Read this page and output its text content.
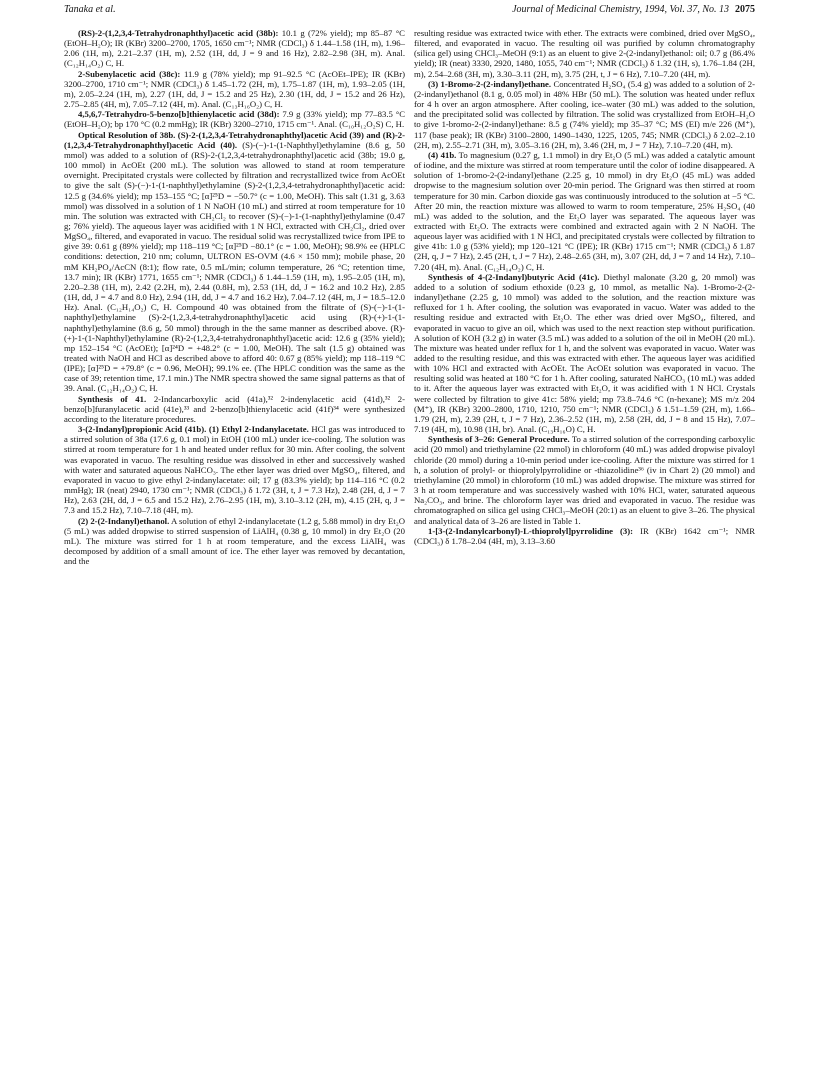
Tanaka et al.	Journal of Medicinal Chemistry, 1994, Vol. 37, No. 13 2075

(RS)-2-(1,2,3,4-Tetrahydronaphthyl)acetic acid (38b): 10.1 g (72% yield); mp 85–87 °C (EtOH–H₂O); IR (KBr) 3200–2700, 1705, 1650 cm⁻¹; NMR (CDCl₃) δ 1.44–1.58 (1H, m), 1.96–2.06 (1H, m), 2.21–2.37 (1H, m), 2.52 (1H, dd, J = 9 and 16 Hz), 2.82–2.98 (3H, m). Anal. (C₁₂H₁₄O₂) C, H.

2-Subenylacetic acid (38c): 11.9 g (78% yield); mp 91–92.5 °C (AcOEt–IPE); IR (KBr) 3200–2700, 1710 cm⁻¹; NMR (CDCl₃) δ 1.45–1.72 (2H, m), 1.75–1.87 (1H, m), 1.93–2.05 (1H, m), 2.05–2.24 (1H, m), 2.27 (1H, dd, J = 15.2 and 25 Hz), 2.30 (1H, dd, J = 15.2 and 26 Hz), 2.75–2.85 (4H, m), 7.05–7.12 (4H, m). Anal. (C₁₃H₁₆O₂) C, H.

4,5,6,7-Tetrahydro-5-benzo[b]thienylacetic acid (38d): 7.9 g (33% yield); mp 77–83.5 °C (EtOH–H₂O); bp 170 °C (0.2 mmHg); IR (KBr) 3200–2710, 1715 cm⁻¹. Anal. (C₁₀H₁₂O₂S) C, H.

Optical Resolution of 38b. (S)-2-(1,2,3,4-Tetrahydronaphthyl)acetic Acid (39) and (R)-2-(1,2,3,4-Tetrahydronaphthyl)acetic Acid (40). (S)-(−)-1-(1-Naphthyl)ethylamine (8.6 g, 50 mmol) was added to a solution of (RS)-2-(1,2,3,4-tetrahydronaphthyl)acetic acid (38b; 19.0 g, 100 mmol) in AcOEt (200 mL). The solution was allowed to stand at room temperature overnight. Precipitated crystals were collected by filtration and recrystallized twice from AcOEt to give the salt (S)-(−)-1-(1-naphthyl)ethylamine (S)-2-(1,2,3,4-tetrahydronaphthyl)acetic acid: 12.5 g (34.6% yield); mp 153–155 °C; [α]²⁵D = −50.7° (c = 1.00, MeOH). This salt (1.31 g, 3.63 mmol) was dissolved in a solution of 1 N NaOH (10 mL) and stirred at room temperature for 10 min. The solution was extracted with CH₂Cl₂ to recover (S)-(−)-1-(1-naphthyl)ethylamine (0.47 g; 76% yield). The aqueous layer was acidified with 1 N HCl, extracted with CH₂Cl₂, dried over MgSO₄, filtered, and evaporated in vacuo. The residual solid was recrystallized twice from IPE to give 39: 0.61 g (89% yield); mp 118–119 °C; [α]²⁵D −80.1° (c = 1.00, MeOH); 98.9% ee (HPLC conditions: detection, 210 nm; column, ULTRON ES-OVM (4.6 × 150 mm); mobile phase, 20 mM KH₂PO₄/AcCN (8:1); flow rate, 0.5 mL/min; column temperature, 26 °C; retention time, 13.7 min); IR (KBr) 1771, 1655 cm⁻¹; NMR (CDCl₃) δ 1.44–1.59 (1H, m), 1.95–2.05 (1H, m), 2.20–2.38 (1H, m), 2.42 (2.2H, m), 2.44 (0.8H, m), 2.53 (1H, dd, J = 16.2 and 10.2 Hz), 2.85 (1H, dd, J = 4.7 and 8.0 Hz), 2.94 (1H, dd, J = 4.7 and 16.2 Hz), 7.04–7.12 (4H, m, J = 18.5–12.0 Hz). Anal. (C₁₂H₁₄O₂) C, H. Compound 40 was obtained from the filtrate of (S)-(−)-1-(1-naphthyl)ethylamine (S)-2-(1,2,3,4-tetrahydronaphthyl)acetic acid using (R)-(+)-1-(1-naphthyl)ethylamine (8.6 g, 50 mmol) through in the the same manner as described above. (R)-(+)-1-(1-Naphthyl)ethylamine (R)-2-(1,2,3,4-tetrahydronaphthyl)acetic acid: 12.6 g (35% yield); mp 152–154 °C (AcOEt); [α]²⁴D = +48.2° (c = 1.00, MeOH). The salt (1.5 g) obtained was treated with NaOH and HCl as described above to afford 40: 0.67 g (85% yield); mp 118–119 °C (IPE); [α]²⁵D = +79.8° (c = 0.96, MeOH); 99.1% ee. (The HPLC condition was the same as the case of 39; retention time, 17.1 min.) The NMR spectra showed the same signal patterns as that of 39. Anal. (C₁₂H₁₄O₂) C, H.

Synthesis of 41. 2-Indancarboxylic acid (41a),³² 2-indenylacetic acid (41d),³² 2-benzo[b]furanylacetic acid (41e),³³ and 2-benzo[b]thienylacetic acid (41f)³⁴ were synthesized according to the literature procedures.

3-(2-Indanyl)propionic Acid (41b). (1) Ethyl 2-Indanylacetate. HCl gas was introduced to a stirred solution of 38a (17.6 g, 0.1 mol) in EtOH (100 mL) under ice-cooling. The solution was stirred at room temperature for 1 h and heated under reflux for 30 min. After cooling, the solvent was evaporated in vacuo. The resulting residue was dissolved in ether and successively washed with water and saturated aqueous NaHCO₃. The ether layer was dried over MgSO₄, filtered, and evaporated in vacuo to give ethyl 2-indanylacetate: oil; 17 g (83.3% yield); bp 114–116 °C (0.2 mmHg); IR (neat) 2940, 1730 cm⁻¹; NMR (CDCl₃) δ 1.72 (3H, t, J = 7.3 Hz), 2.48 (2H, d, J = 7 Hz), 2.63 (2H, dd, J = 6.5 and 15.2 Hz), 2.76–2.95 (1H, m), 3.10–3.12 (2H, m), 4.15 (2H, q, J = 7.3 and 15.2 Hz), 7.10–7.18 (4H, m).

(2) 2-(2-Indanyl)ethanol. A solution of ethyl 2-indanylacetate (1.2 g, 5.88 mmol) in dry Et₂O (5 mL) was added dropwise to stirred suspension of LiAlH₄ (0.38 g, 10 mmol) in dry Et₂O (20 mL). The mixture was stirred for 1 h at room temperature, and the excess LiAlH₄ was decomposed by addition of a small amount of ice. The ether layer was removed by decantation, and the

resulting residue was extracted twice with ether. The extracts were combined, dried over MgSO₄, filtered, and evaporated in vacuo. The resulting oil was purified by column chromatography (silica gel) using CHCl₃–MeOH (9:1) as an eluent to give 2-(2-indanyl)ethanol: oil; 0.7 g (86.4% yield); IR (neat) 3330, 2920, 1480, 1055, 740 cm⁻¹; NMR (CDCl₃) δ 1.32 (1H, s), 1.76–1.84 (2H, m), 2.54–2.68 (3H, m), 3.30–3.11 (2H, m), 3.75 (2H, t, J = 6 Hz), 7.10–7.20 (4H, m).

(3) 1-Bromo-2-(2-indanyl)ethane. Concentrated H₂SO₄ (5.4 g) was added to a solution of 2-(2-indanyl)ethanol (8.1 g, 0.05 mol) in 48% HBr (50 mL). The solution was heated under reflux for 4 h over an argon atmosphere. After cooling, ice–water (30 mL) was added to the solution, and the precipitated solid was collected by filtration. The solid was crystallized from EtOH–H₂O to give 1-bromo-2-(2-indanyl)ethane: 8.5 g (74% yield); mp 35–37 °C; MS (EI) m/e 226 (M⁺), 117 (base peak); IR (KBr) 3100–2800, 1490–1430, 1225, 1205, 745; NMR (CDCl₃) δ 2.02–2.10 (2H, m), 2.55–2.71 (3H, m), 3.05–3.16 (2H, m), 3.46 (2H, m, J = 7 Hz), 7.10–7.20 (4H, m).

(4) 41b. To magnesium (0.27 g, 1.1 mmol) in dry Et₂O (5 mL) was added a catalytic amount of iodine, and the mixture was stirred at room temperature until the color of iodine disappeared. A solution of 1-bromo-2-(2-indanyl)ethane (2.25 g, 10 mmol) in dry Et₂O (45 mL) was added dropwise to the magnesium solution over 20-min period. The Grignard was then stirred at room temperature for 30 min. Carbon dioxide gas was continuously introduced to the solution at −5 °C. After 20 min, the reaction mixture was allowed to warm to room temperature, 25% H₂SO₄ (40 mL) was added to the solution, and the Et₂O layer was separated. The aqueous layer was extracted with Et₂O. The extracts were combined and extracted again with 2 N NaOH. The aqueous layer was acidified with 1 N HCl, and precipitated crystals were collected by filtration to give 41b: 1.0 g (53% yield); mp 120–121 °C (IPE); IR (KBr) 1715 cm⁻¹; NMR (CDCl₃) δ 1.87 (2H, q, J = 7 Hz), 2.45 (2H, t, J = 7 Hz), 2.48–2.65 (3H, m), 3.07 (2H, dd, J = 7 and 14 Hz), 7.10–7.20 (4H, m). Anal. (C₁₂H₁₄O₂) C, H.

Synthesis of 4-(2-Indanyl)butyric Acid (41c). Diethyl malonate (3.20 g, 20 mmol) was added to a solution of sodium ethoxide (0.23 g, 10 mmol, as metallic Na). 1-Bromo-2-(2-indanyl)ethane (2.25 g, 10 mmol) was added to the solution, and the reaction mixture was refluxed for 1 h. After cooling, the solution was evaporated in vacuo. Water was added to the resulting residue and extracted with Et₂O. The ether was dried over MgSO₄, filtered, and evaporated in vacuo to give an oil, which was used to the next reaction step without purification. A solution of KOH (3.2 g) in water (3.5 mL) was added to a solution of the oil in MeOH (20 mL). The mixture was heated under reflux for 1 h, and the solvent was evaporated in vacuo. Water was added to the resulting residue, and this was extracted with ether. The aqueous layer was acidified with 10% HCl and extracted with AcOEt. The AcOEt solution was evaporated in vacuo. The resulting solid was heated at 180 °C for 1 h. After cooling, saturated NaHCO₃ (10 mL) was added to it. After the aqueous layer was extracted with Et₂O, it was acidified with 1 N HCl. Crystals were collected by filtration to give 41c: 58% yield; mp 73.8–74.6 °C (n-hexane); MS m/z 204 (M⁺), IR (KBr) 3200–2800, 1710, 1210, 750 cm⁻¹; NMR (CDCl₃) δ 1.51–1.59 (2H, m), 1.66–1.79 (2H, m), 2.39 (2H, t, J = 7 Hz), 2.36–2.52 (1H, m), 2.58 (2H, dd, J = 8 and 15 Hz), 7.07–7.19 (4H, m), 10.98 (1H, br). Anal. (C₁₃H₁₆O) C, H.

Synthesis of 3–26: General Procedure. To a stirred solution of the corresponding carboxylic acid (20 mmol) and triethylamine (22 mmol) in chloroform (40 mL) was added dropwise pivaloyl chloride (20 mmol) during a 10-min period under ice-cooling. After the mixture was stirred for 1 h, a solution of prolyl- or thioprolylpyrrolidine or -thiazolidine³⁶ (iv in Chart 2) (20 mmol) and triethylamine (20 mmol) in chloroform (10 mL) was added dropwise. The mixture was stirred for 3 h at room temperature and was successively washed with 10% HCl, water, saturated aqueous Na₂CO₃, and brine. The chloroform layer was dried and evaporated in vacuo. The residue was chromatographed on silica gel using CHCl₃–MeOH (20:1) as an eluent to give 3–26. The physical and analytical data of 3–26 are listed in Table 1.

1-[3-(2-Indanylcarbonyl)-L-thioprolyl]pyrrolidine (3): IR (KBr) 1642 cm⁻¹; NMR (CDCl₃) δ 1.78–2.04 (4H, m), 3.13–3.60
